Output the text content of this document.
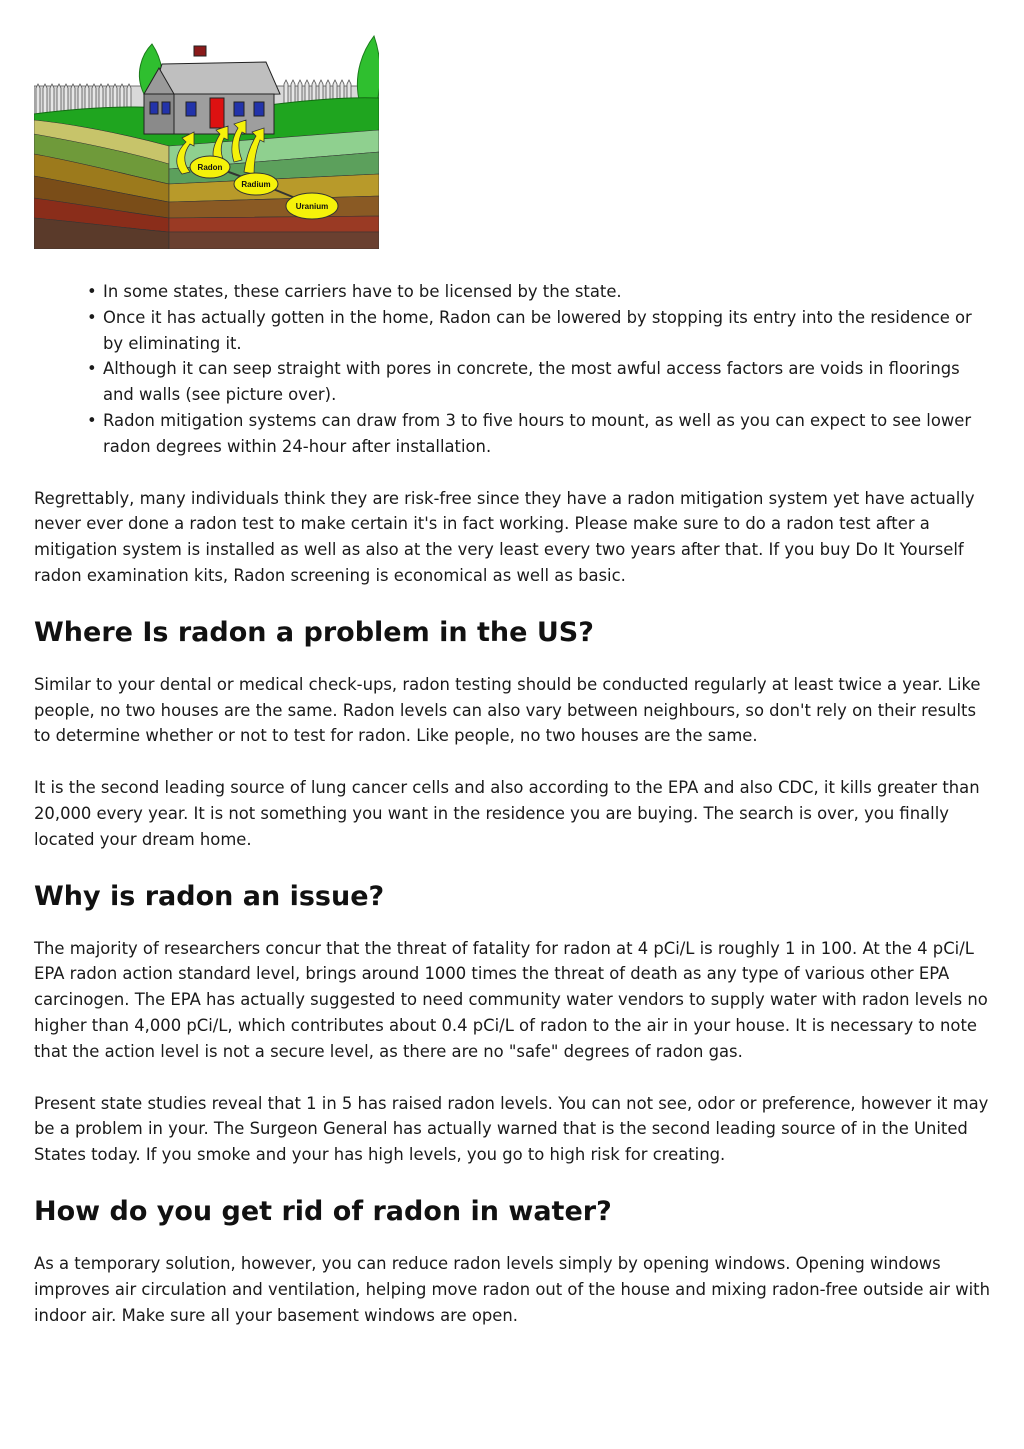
Radon
Radium
Uranium
• In some states, these carriers have to be licensed by the state.
• Once it has actually gotten in the home, Radon can be lowered by stopping its entry into the residence or by eliminating it.
• Although it can seep straight with pores in concrete, the most awful access factors are voids in floorings and walls (see picture over).
• Radon mitigation systems can draw from 3 to five hours to mount, as well as you can expect to see lower radon degrees within 24-hour after installation.

Regrettably, many individuals think they are risk-free since they have a radon mitigation system yet have actually never ever done a radon test to make certain it's in fact working. Please make sure to do a radon test after a mitigation system is installed as well as also at the very least every two years after that. If you buy Do It Yourself radon examination kits, Radon screening is economical as well as basic.

Where Is radon a problem in the US?

Similar to your dental or medical check-ups, radon testing should be conducted regularly at least twice a year. Like people, no two houses are the same. Radon levels can also vary between neighbours, so don't rely on their results to determine whether or not to test for radon. Like people, no two houses are the same.

It is the second leading source of lung cancer cells and also according to the EPA and also CDC, it kills greater than 20,000 every year. It is not something you want in the residence you are buying. The search is over, you finally located your dream home.

Why is radon an issue?

The majority of researchers concur that the threat of fatality for radon at 4 pCi/L is roughly 1 in 100. At the 4 pCi/L EPA radon action standard level, brings around 1000 times the threat of death as any type of various other EPA carcinogen. The EPA has actually suggested to need community water vendors to supply water with radon levels no higher than 4,000 pCi/L, which contributes about 0.4 pCi/L of radon to the air in your house. It is necessary to note that the action level is not a secure level, as there are no "safe" degrees of radon gas.

Present state studies reveal that 1 in 5 has raised radon levels. You can not see, odor or preference, however it may be a problem in your. The Surgeon General has actually warned that is the second leading source of in the United States today. If you smoke and your has high levels, you go to high risk for creating.

How do you get rid of radon in water?

As a temporary solution, however, you can reduce radon levels simply by opening windows. Opening windows improves air circulation and ventilation, helping move radon out of the house and mixing radon-free outside air with indoor air. Make sure all your basement windows are open.
